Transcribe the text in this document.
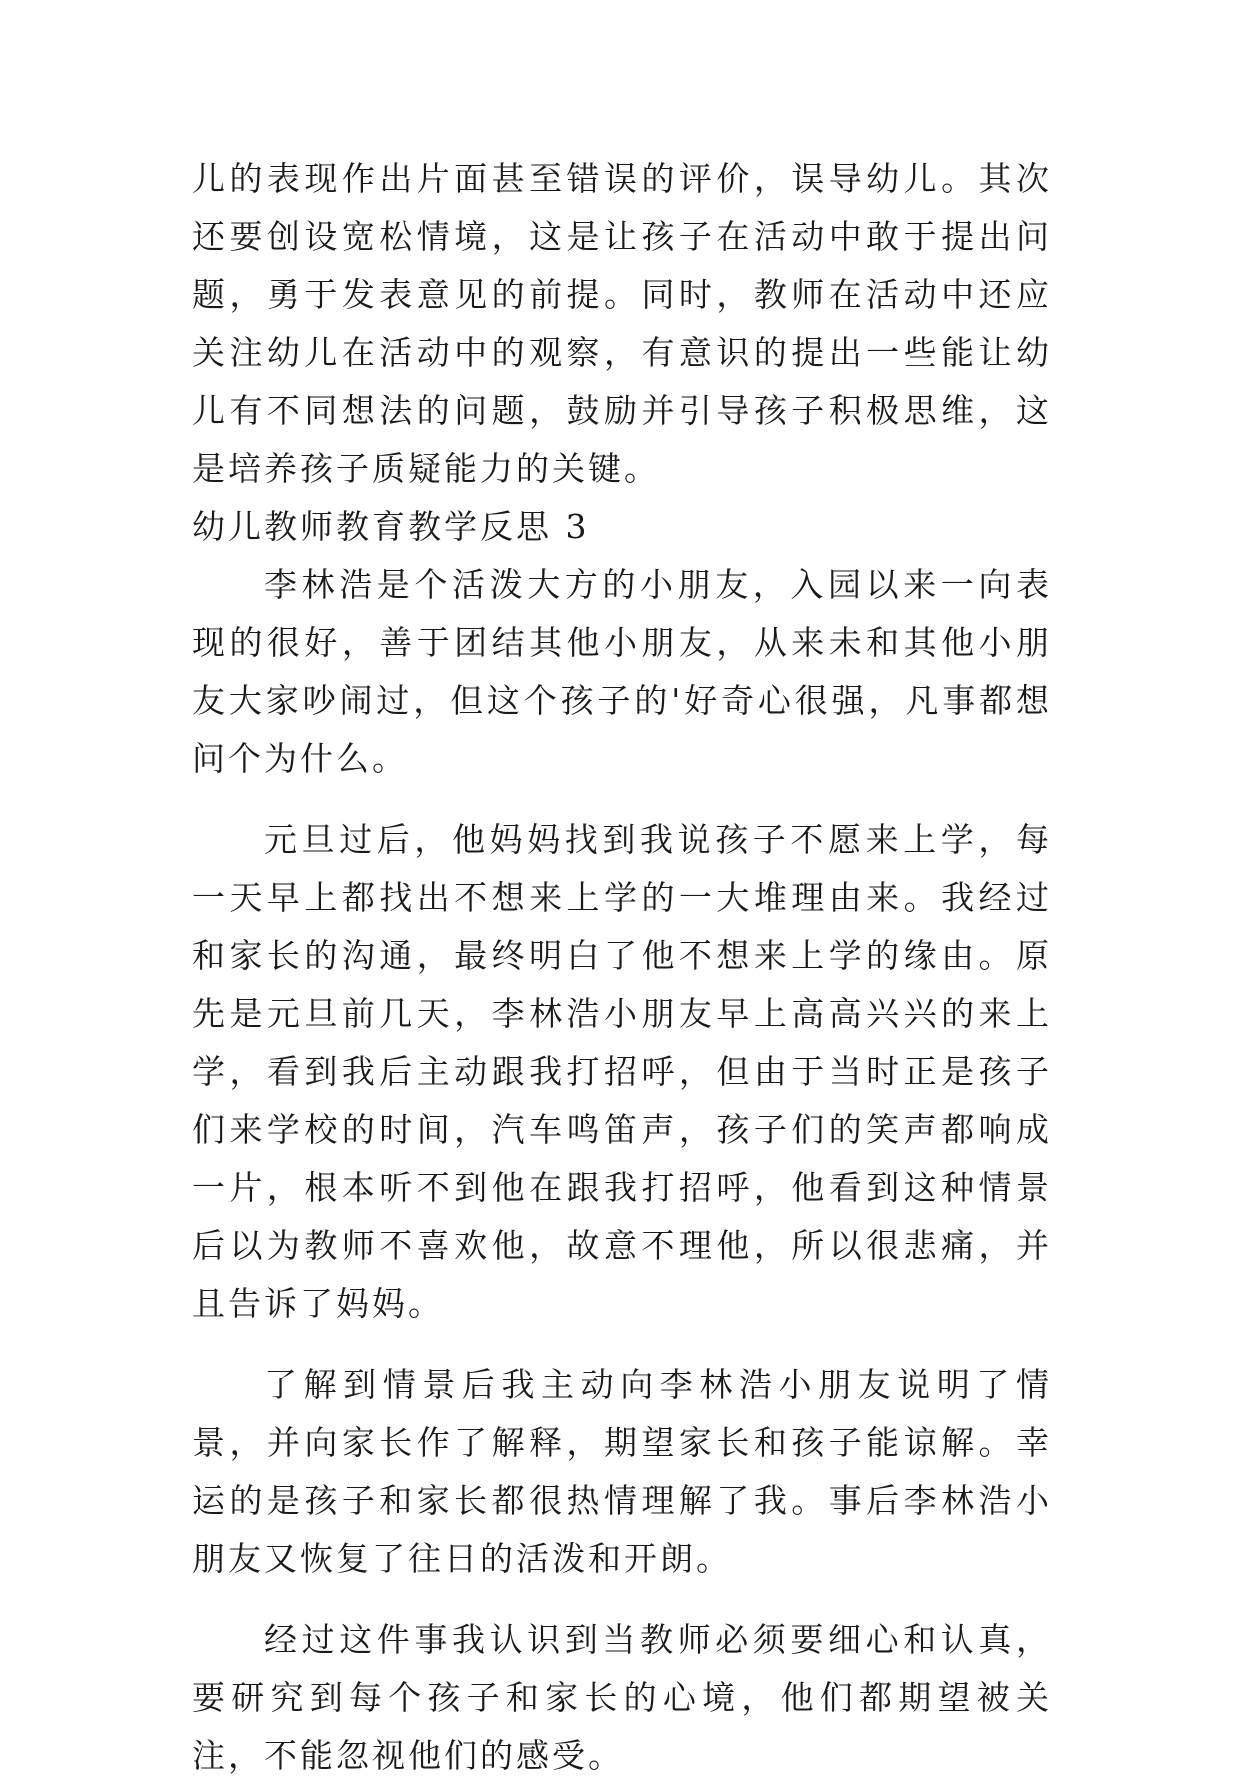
儿的表现作出片面甚至错误的评价，误导幼儿。其次还要创设宽松情境，这是让孩子在活动中敢于提出问题，勇于发表意见的前提。同时，教师在活动中还应关注幼儿在活动中的观察，有意识的提出一些能让幼儿有不同想法的问题，鼓励并引导孩子积极思维，这是培养孩子质疑能力的关键。

幼儿教师教育教学反思 3

李林浩是个活泼大方的小朋友，入园以来一向表现的很好，善于团结其他小朋友，从来未和其他小朋友大家吵闹过，但这个孩子的'好奇心很强，凡事都想问个为什么。

元旦过后，他妈妈找到我说孩子不愿来上学，每一天早上都找出不想来上学的一大堆理由来。我经过和家长的沟通，最终明白了他不想来上学的缘由。原先是元旦前几天，李林浩小朋友早上高高兴兴的来上学，看到我后主动跟我打招呼，但由于当时正是孩子们来学校的时间，汽车鸣笛声，孩子们的笑声都响成一片，根本听不到他在跟我打招呼，他看到这种情景后以为教师不喜欢他，故意不理他，所以很悲痛，并且告诉了妈妈。

了解到情景后我主动向李林浩小朋友说明了情景，并向家长作了解释，期望家长和孩子能谅解。幸运的是孩子和家长都很热情理解了我。事后李林浩小朋友又恢复了往日的活泼和开朗。

经过这件事我认识到当教师必须要细心和认真，要研究到每个孩子和家长的心境，他们都期望被关注，不能忽视他们的感受。
